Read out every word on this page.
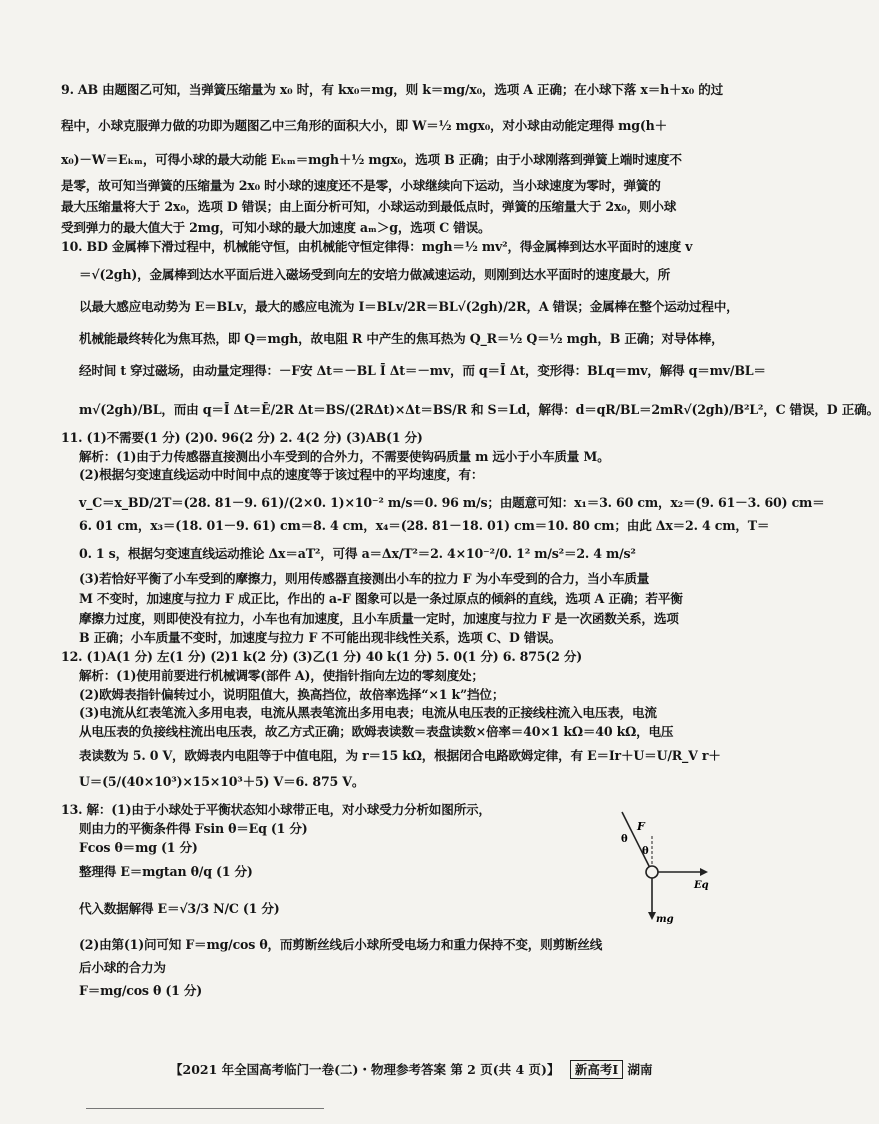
9. AB 由题图乙可知，当弹簧压缩量为 x₀ 时，有 kx₀＝mg，则 k＝mg/x₀，选项 A 正确；在小球下落 x＝h＋x₀ 的过
程中，小球克服弹力做的功即为题图乙中三角形的面积大小，即 W＝½ mgx₀，对小球由动能定理得 mg(h＋
x₀)－W＝Eₖₘ，可得小球的最大动能 Eₖₘ＝mgh＋½ mgx₀，选项 B 正确；由于小球刚落到弹簧上端时速度不
是零，故可知当弹簧的压缩量为 2x₀ 时小球的速度还不是零，小球继续向下运动，当小球速度为零时，弹簧的
最大压缩量将大于 2x₀，选项 D 错误；由上面分析可知，小球运动到最低点时，弹簧的压缩量大于 2x₀，则小球
受到弹力的最大值大于 2mg，可知小球的最大加速度 aₘ＞g，选项 C 错误。
10. BD 金属棒下滑过程中，机械能守恒，由机械能守恒定律得：mgh＝½ mv²，得金属棒到达水平面时的速度 v
＝√(2gh)，金属棒到达水平面后进入磁场受到向左的安培力做减速运动，则刚到达水平面时的速度最大，所
以最大感应电动势为 E＝BLv，最大的感应电流为 I＝BLv/2R＝BL√(2gh)/2R，A 错误；金属棒在整个运动过程中，
机械能最终转化为焦耳热，即 Q＝mgh，故电阻 R 中产生的焦耳热为 Q_R＝½ Q＝½ mgh，B 正确；对导体棒，
经时间 t 穿过磁场，由动量定理得：－F安 Δt＝－BL Ī Δt＝－mv，而 q＝Ī Δt，变形得：BLq＝mv，解得 q＝mv/BL＝
m√(2gh)/BL，而由 q＝Ī Δt＝Ē/2R Δt＝BS/(2RΔt)×Δt＝BS/R 和 S＝Ld，解得：d＝qR/BL＝2mR√(2gh)/B²L²，C 错误，D 正确。
11. (1)不需要(1 分) (2)0. 96(2 分) 2. 4(2 分) (3)AB(1 分)
解析：(1)由于力传感器直接测出小车受到的合外力，不需要使钩码质量 m 远小于小车质量 M。
(2)根据匀变速直线运动中时间中点的速度等于该过程中的平均速度，有：
v_C＝x_BD/2T＝(28. 81－9. 61)/(2×0. 1)×10⁻² m/s＝0. 96 m/s；由题意可知：x₁＝3. 60 cm，x₂＝(9. 61－3. 60) cm＝
6. 01 cm，x₃＝(18. 01－9. 61) cm＝8. 4 cm，x₄＝(28. 81－18. 01) cm＝10. 80 cm；由此 Δx＝2. 4 cm，T＝
0. 1 s，根据匀变速直线运动推论 Δx＝aT²，可得 a＝Δx/T²＝2. 4×10⁻²/0. 1² m/s²＝2. 4 m/s²
(3)若恰好平衡了小车受到的摩擦力，则用传感器直接测出小车的拉力 F 为小车受到的合力，当小车质量
M 不变时，加速度与拉力 F 成正比，作出的 a-F 图象可以是一条过原点的倾斜的直线，选项 A 正确；若平衡
摩擦力过度，则即使没有拉力，小车也有加速度，且小车质量一定时，加速度与拉力 F 是一次函数关系，选项
B 正确；小车质量不变时，加速度与拉力 F 不可能出现非线性关系，选项 C、D 错误。
12. (1)A(1 分) 左(1 分) (2)1 k(2 分) (3)乙(1 分) 40 k(1 分) 5. 0(1 分) 6. 875(2 分)
解析：(1)使用前要进行机械调零(部件 A)，使指针指向左边的零刻度处；
(2)欧姆表指针偏转过小，说明阻值大，换高挡位，故倍率选择“×1 k”挡位；
(3)电流从红表笔流入多用电表，电流从黑表笔流出多用电表；电流从电压表的正接线柱流入电压表，电流
从电压表的负接线柱流出电压表，故乙方式正确；欧姆表读数＝表盘读数×倍率＝40×1 kΩ＝40 kΩ，电压
表读数为 5. 0 V，欧姆表内电阻等于中值电阻，为 r＝15 kΩ，根据闭合电路欧姆定律，有 E＝Ir＋U＝U/R_V r＋
U＝(5/(40×10³)×15×10³＋5) V＝6. 875 V。
13. 解：(1)由于小球处于平衡状态知小球带正电，对小球受力分析如图所示，
则由力的平衡条件得 Fsin θ＝Eq (1 分)
Fcos θ＝mg (1 分)
整理得 E＝mgtan θ/q (1 分)
代入数据解得 E＝√3/3 N/C (1 分)
(2)由第(1)问可知 F＝mg/cos θ，而剪断丝线后小球所受电场力和重力保持不变，则剪断丝线
后小球的合力为
F＝mg/cos θ (1 分)
F
θ
θ
Eq
mg
【2021 年全国高考临门一卷(二)・物理参考答案 第 2 页(共 4 页)】 新高考Ⅰ 湖南
